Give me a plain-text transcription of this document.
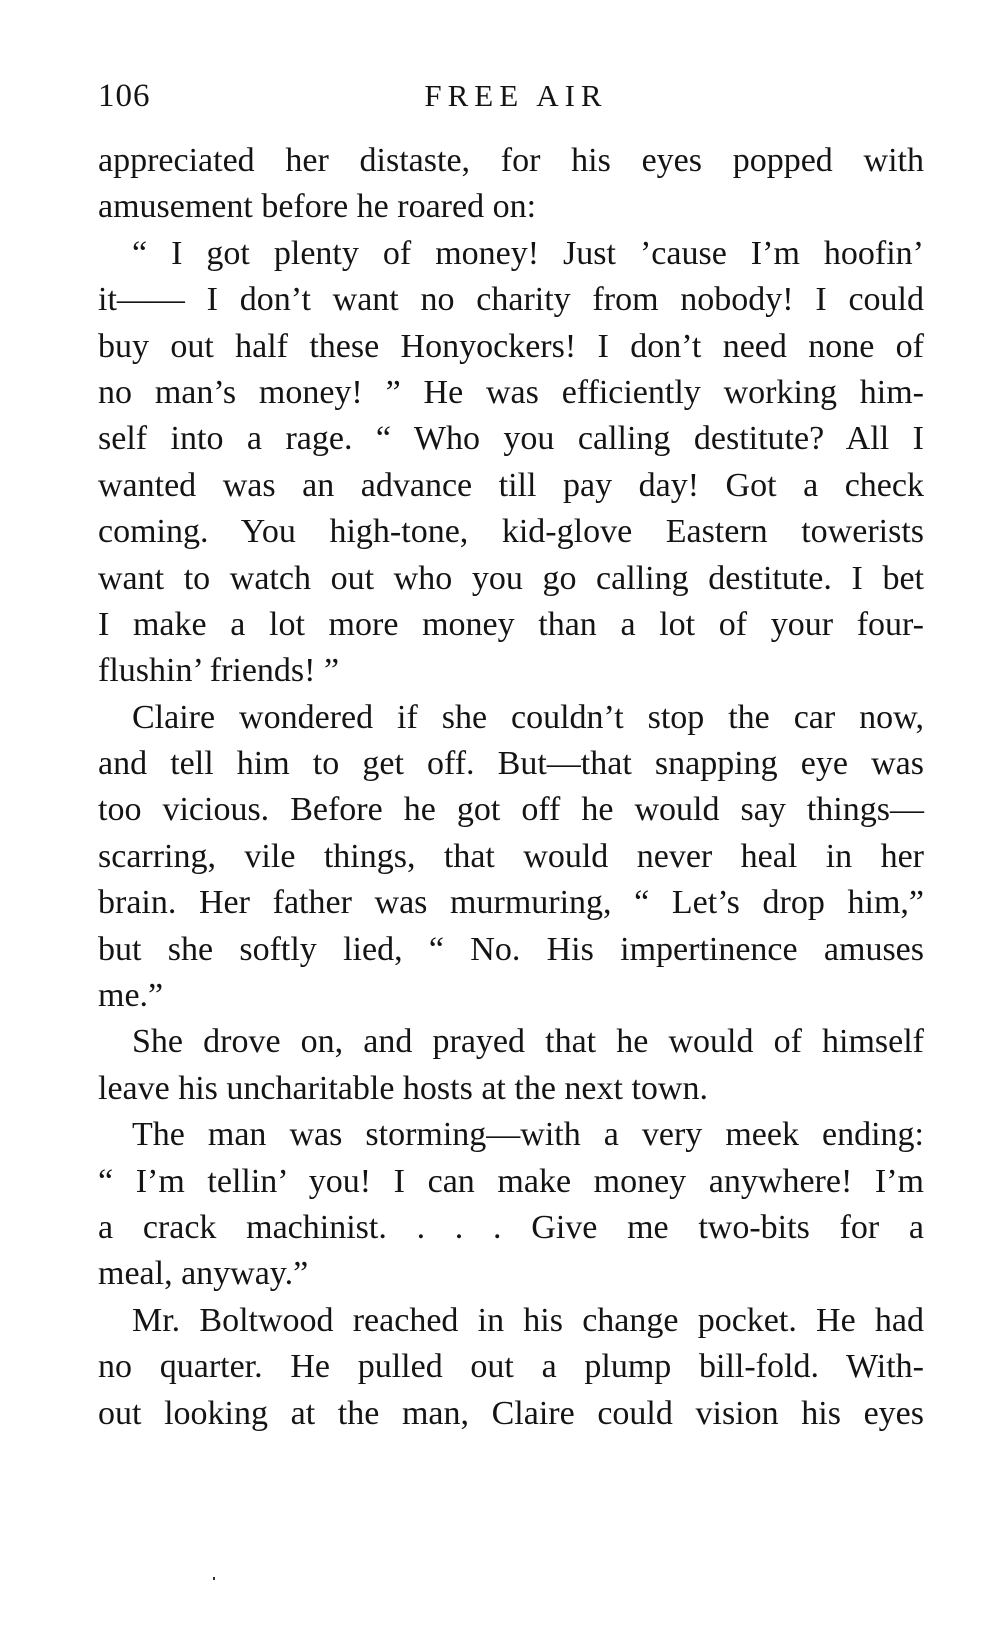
106	FREE AIR
appreciated her distaste, for his eyes popped with
amusement before he roared on:
“ I got plenty of money! Just ’cause I’m hoofin’
it—— I don’t want no charity from nobody! I could
buy out half these Honyockers! I don’t need none of
no man’s money! ” He was efficiently working him-
self into a rage. “ Who you calling destitute? All I
wanted was an advance till pay day! Got a check
coming. You high-tone, kid-glove Eastern towerists
want to watch out who you go calling destitute. I bet
I make a lot more money than a lot of your four-
flushin’ friends! ”
Claire wondered if she couldn’t stop the car now,
and tell him to get off. But—that snapping eye was
too vicious. Before he got off he would say things—
scarring, vile things, that would never heal in her
brain. Her father was murmuring, “ Let’s drop him,”
but she softly lied, “ No. His impertinence amuses
me.”
She drove on, and prayed that he would of himself
leave his uncharitable hosts at the next town.
The man was storming—with a very meek ending:
“ I’m tellin’ you! I can make money anywhere! I’m
a crack machinist. . . . Give me two-bits for a
meal, anyway.”
Mr. Boltwood reached in his change pocket. He had
no quarter. He pulled out a plump bill-fold. With-
out looking at the man, Claire could vision his eyes
